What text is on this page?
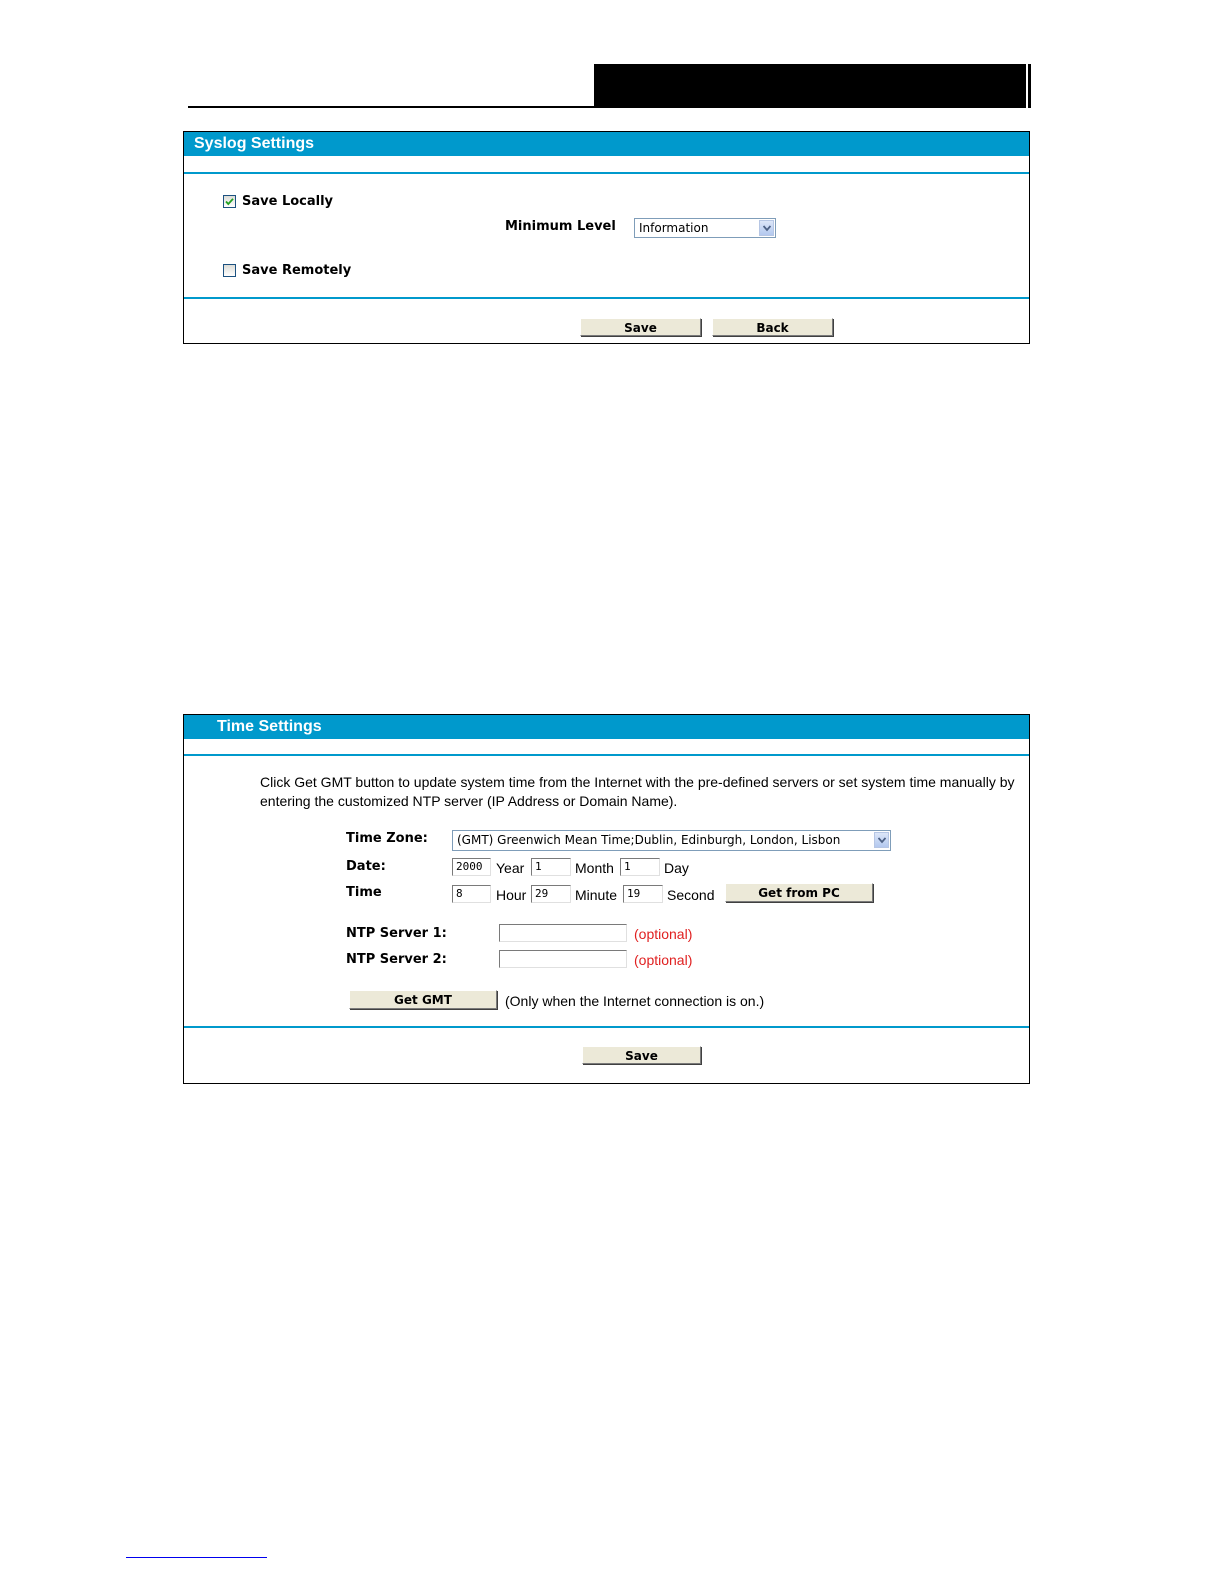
Syslog Settings
Save Locally
Minimum Level	Information
Save Remotely
Save	Back
Time Settings
Click Get GMT button to update system time from the Internet with the pre-defined servers or set system time manually by
entering the customized NTP server (IP Address or Domain Name).
Time Zone:	(GMT) Greenwich Mean Time;Dublin, Edinburgh, London, Lisbon
Date:	2000 Year 1	Month 1	Day
Time	8	Hour 29	Minute 19	Second	Get from PC
NTP Server 1:	(optional)
NTP Server 2:	(optional)
Get GMT	(Only when the Internet connection is on.)
Save
